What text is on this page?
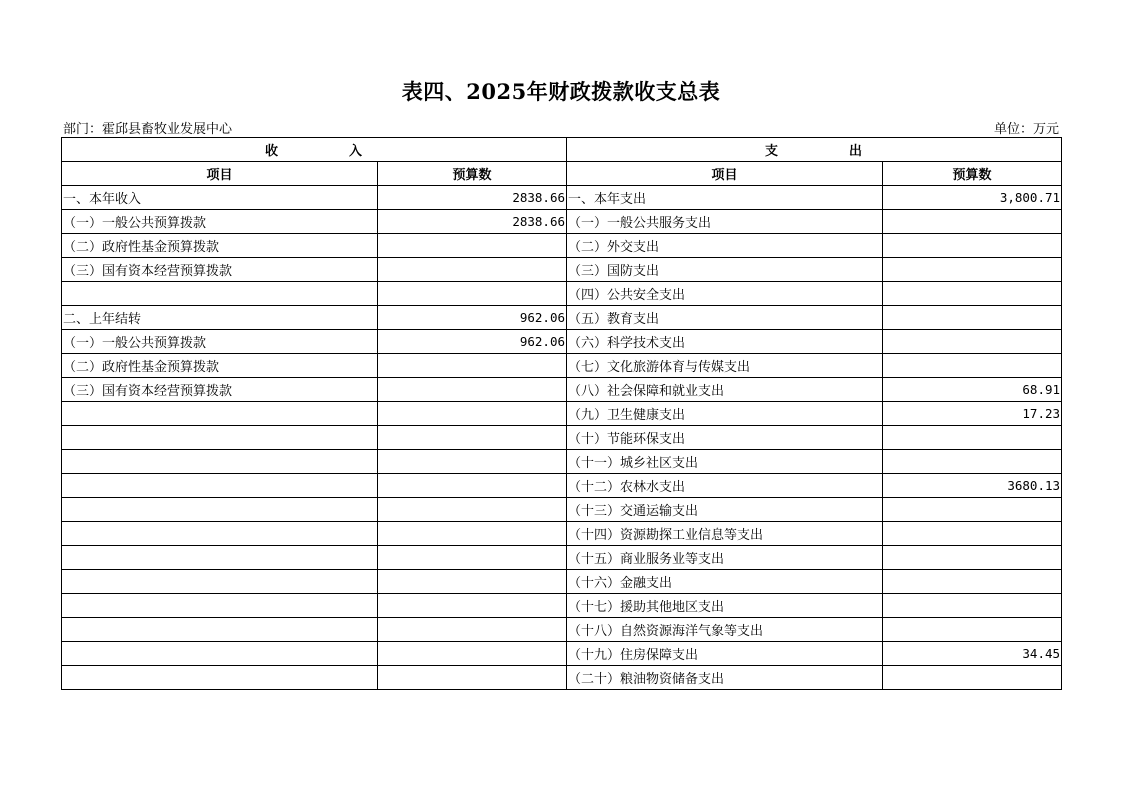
表四、2025年财政拨款收支总表
部门：霍邱县畜牧业发展中心	单位：万元
收　　　　　入		支　　　　　出	
项目	预算数	项目	预算数
一、本年收入	2838.66	一、本年支出	3,800.71
（一）一般公共预算拨款	2838.66	（一）一般公共服务支出	
（二）政府性基金预算拨款		（二）外交支出	
（三）国有资本经营预算拨款		（三）国防支出	
		（四）公共安全支出	
二、上年结转	962.06	（五）教育支出	
（一）一般公共预算拨款	962.06	（六）科学技术支出	
（二）政府性基金预算拨款		（七）文化旅游体育与传媒支出	
（三）国有资本经营预算拨款		（八）社会保障和就业支出	68.91
		（九）卫生健康支出	17.23
		（十）节能环保支出	
		（十一）城乡社区支出	
		（十二）农林水支出	3680.13
		（十三）交通运输支出	
		（十四）资源勘探工业信息等支出	
		（十五）商业服务业等支出	
		（十六）金融支出	
		（十七）援助其他地区支出	
		（十八）自然资源海洋气象等支出	
		（十九）住房保障支出	34.45
		（二十）粮油物资储备支出	
